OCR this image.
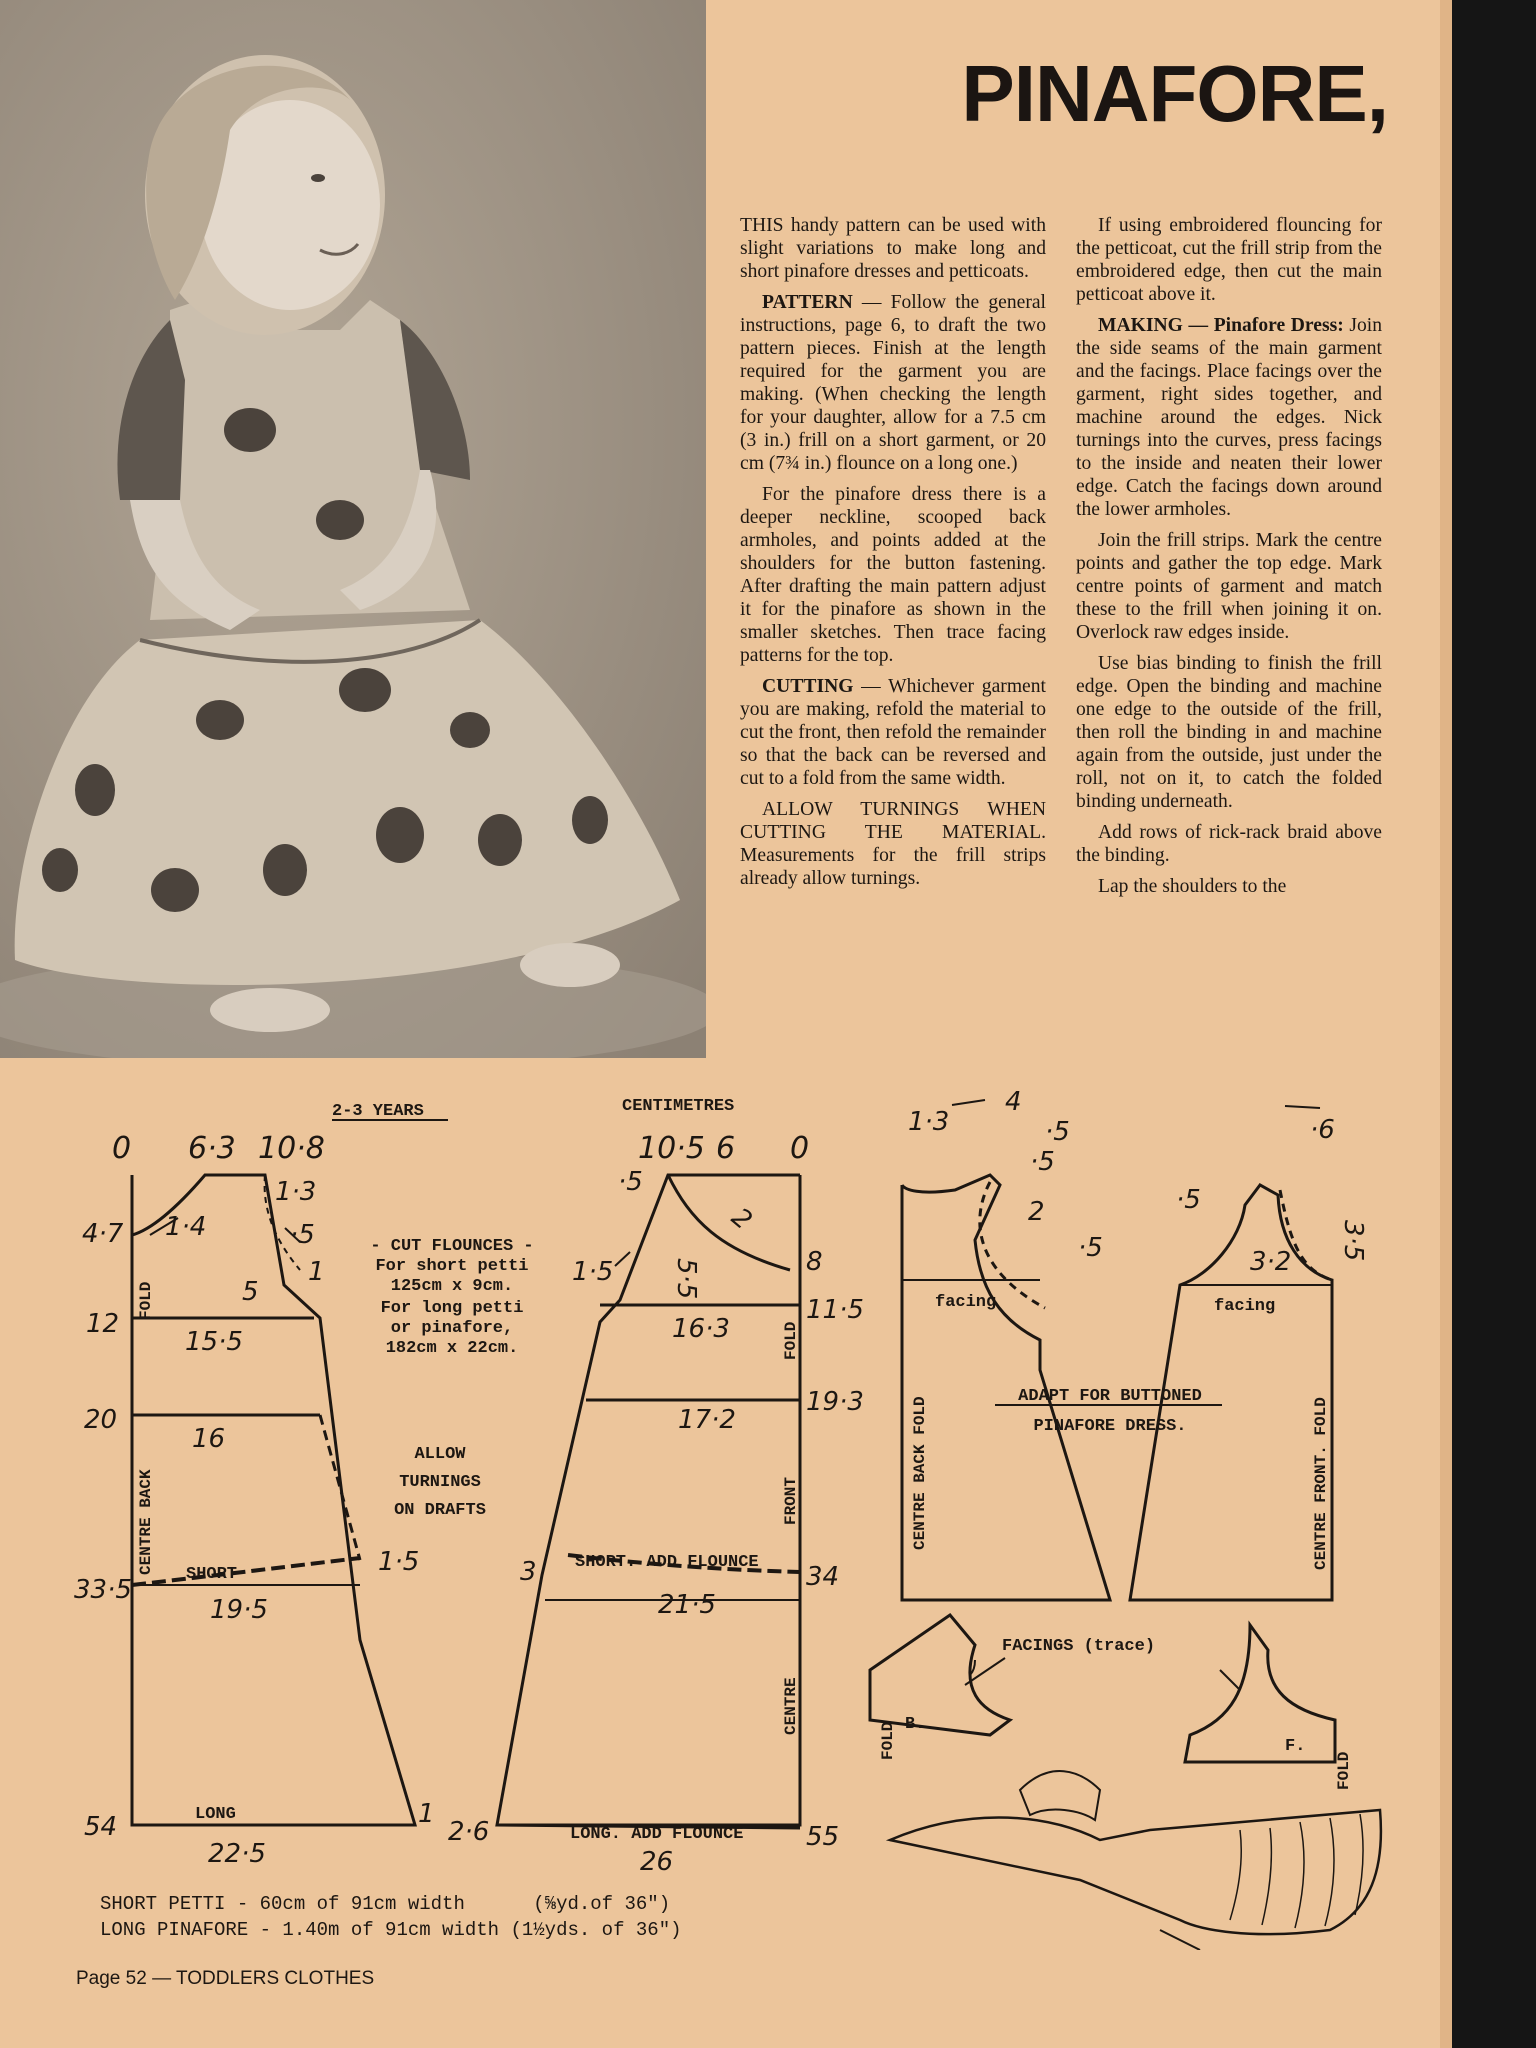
PINAFORE,

THIS handy pattern can be used with slight variations to make long and short pinafore dresses and petticoats.

PATTERN — Follow the general instructions, page 6, to draft the two pattern pieces. Finish at the length required for the garment you are making. (When checking the length for your daughter, allow for a 7.5 cm (3 in.) frill on a short garment, or 20 cm (7¾ in.) flounce on a long one.)

For the pinafore dress there is a deeper neckline, scooped back armholes, and points added at the shoulders for the button fastening. After drafting the main pattern adjust it for the pinafore as shown in the smaller sketches. Then trace facing patterns for the top.

CUTTING — Whichever garment you are making, refold the material to cut the front, then refold the remainder so that the back can be reversed and cut to a fold from the same width.

ALLOW TURNINGS WHEN CUTTING THE MATERIAL. Measurements for the frill strips already allow turnings.

If using embroidered flouncing for the petticoat, cut the frill strip from the embroidered edge, then cut the main petticoat above it.

MAKING — Pinafore Dress: Join the side seams of the main garment and the facings. Place facings over the garment, right sides together, and machine around the edges. Nick turnings into the curves, press facings to the inside and neaten their lower edge. Catch the facings down around the lower armholes.

Join the frill strips. Mark the centre points and gather the top edge. Mark centre points of garment and match these to the frill when joining it on. Overlock raw edges inside.

Use bias binding to finish the frill edge. Open the binding and machine one edge to the outside of the frill, then roll the binding in and machine again from the outside, just under the roll, not on it, to catch the folded binding underneath.

Add rows of rick-rack braid above the binding.

Lap the shoulders to the

2-3 YEARS	CENTIMETRES
0 6·3 10·8
4·7
12
20
33·5
54
1·3
1·4	·5
5
1
15·5
16
19·5
22·5
1
1·5
FOLD
CENTRE BACK SHORT
LONG
- CUT FLOUNCES -
For short petti
125cm x 9cm.
For long petti
or pinafore,
182cm x 22cm.
ALLOW
TURNINGS
ON DRAFTS
10·5 6 0
·5
2
1·5 5·5	8
11·5
19·3
34
55
16·3
17·2
21·5
26
3
2·6
FOLD
FRONT
CENTRE
SHORT. ADD FLOUNCE
LONG. ADD FLOUNCE
1·3
4
·5
·5
2
·5
·6
·5
3·2
3·5
facing	facing
CENTRE BACK FOLD	CENTRE FRONT. FOLD
ADAPT FOR BUTTONED
PINAFORE DRESS.
FACINGS (trace)
B.
F.
FOLD
FOLD
SHORT PETTI - 60cm of 91cm width      (⅝yd.of 36")
LONG PINAFORE - 1.40m of 91cm width (1½yds. of 36")
Page 52 — TODDLERS CLOTHES
